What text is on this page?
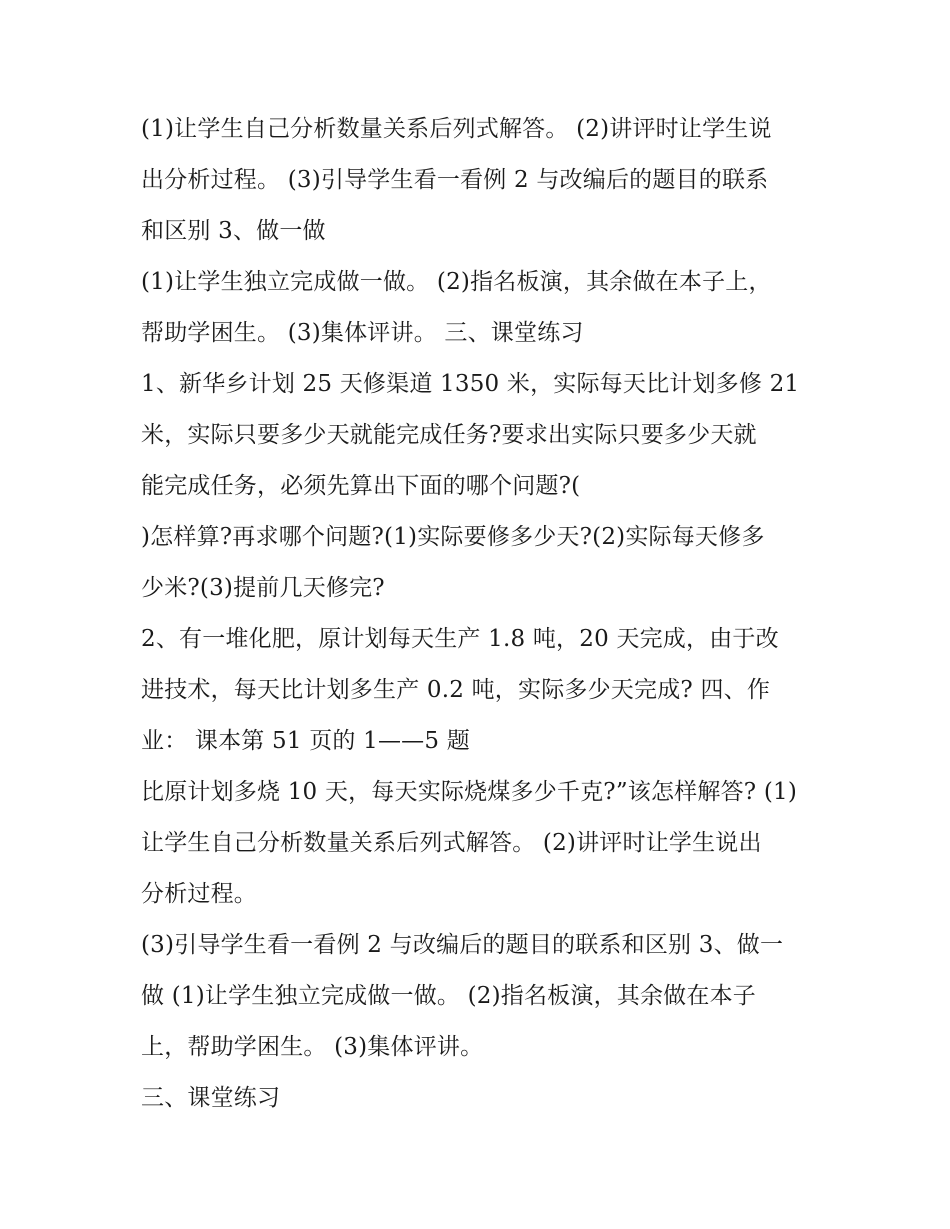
(1)让学生自己分析数量关系后列式解答。 (2)讲评时让学生说
出分析过程。 (3)引导学生看一看例 2 与改编后的题目的联系
和区别 3、做一做
(1)让学生独立完成做一做。 (2)指名板演，其余做在本子上，
帮助学困生。 (3)集体评讲。 三、课堂练习
1、新华乡计划 25 天修渠道 1350 米，实际每天比计划多修 21
米，实际只要多少天就能完成任务?要求出实际只要多少天就
能完成任务，必须先算出下面的哪个问题?(
)怎样算?再求哪个问题?(1)实际要修多少天?(2)实际每天修多
少米?(3)提前几天修完?
2、有一堆化肥，原计划每天生产 1.8 吨，20 天完成，由于改
进技术，每天比计划多生产 0.2 吨，实际多少天完成? 四、作
业： 课本第 51 页的 1——5 题
比原计划多烧 10 天，每天实际烧煤多少千克?”该怎样解答? (1)
让学生自己分析数量关系后列式解答。 (2)讲评时让学生说出
分析过程。
(3)引导学生看一看例 2 与改编后的题目的联系和区别 3、做一
做 (1)让学生独立完成做一做。 (2)指名板演，其余做在本子
上，帮助学困生。 (3)集体评讲。
三、课堂练习
